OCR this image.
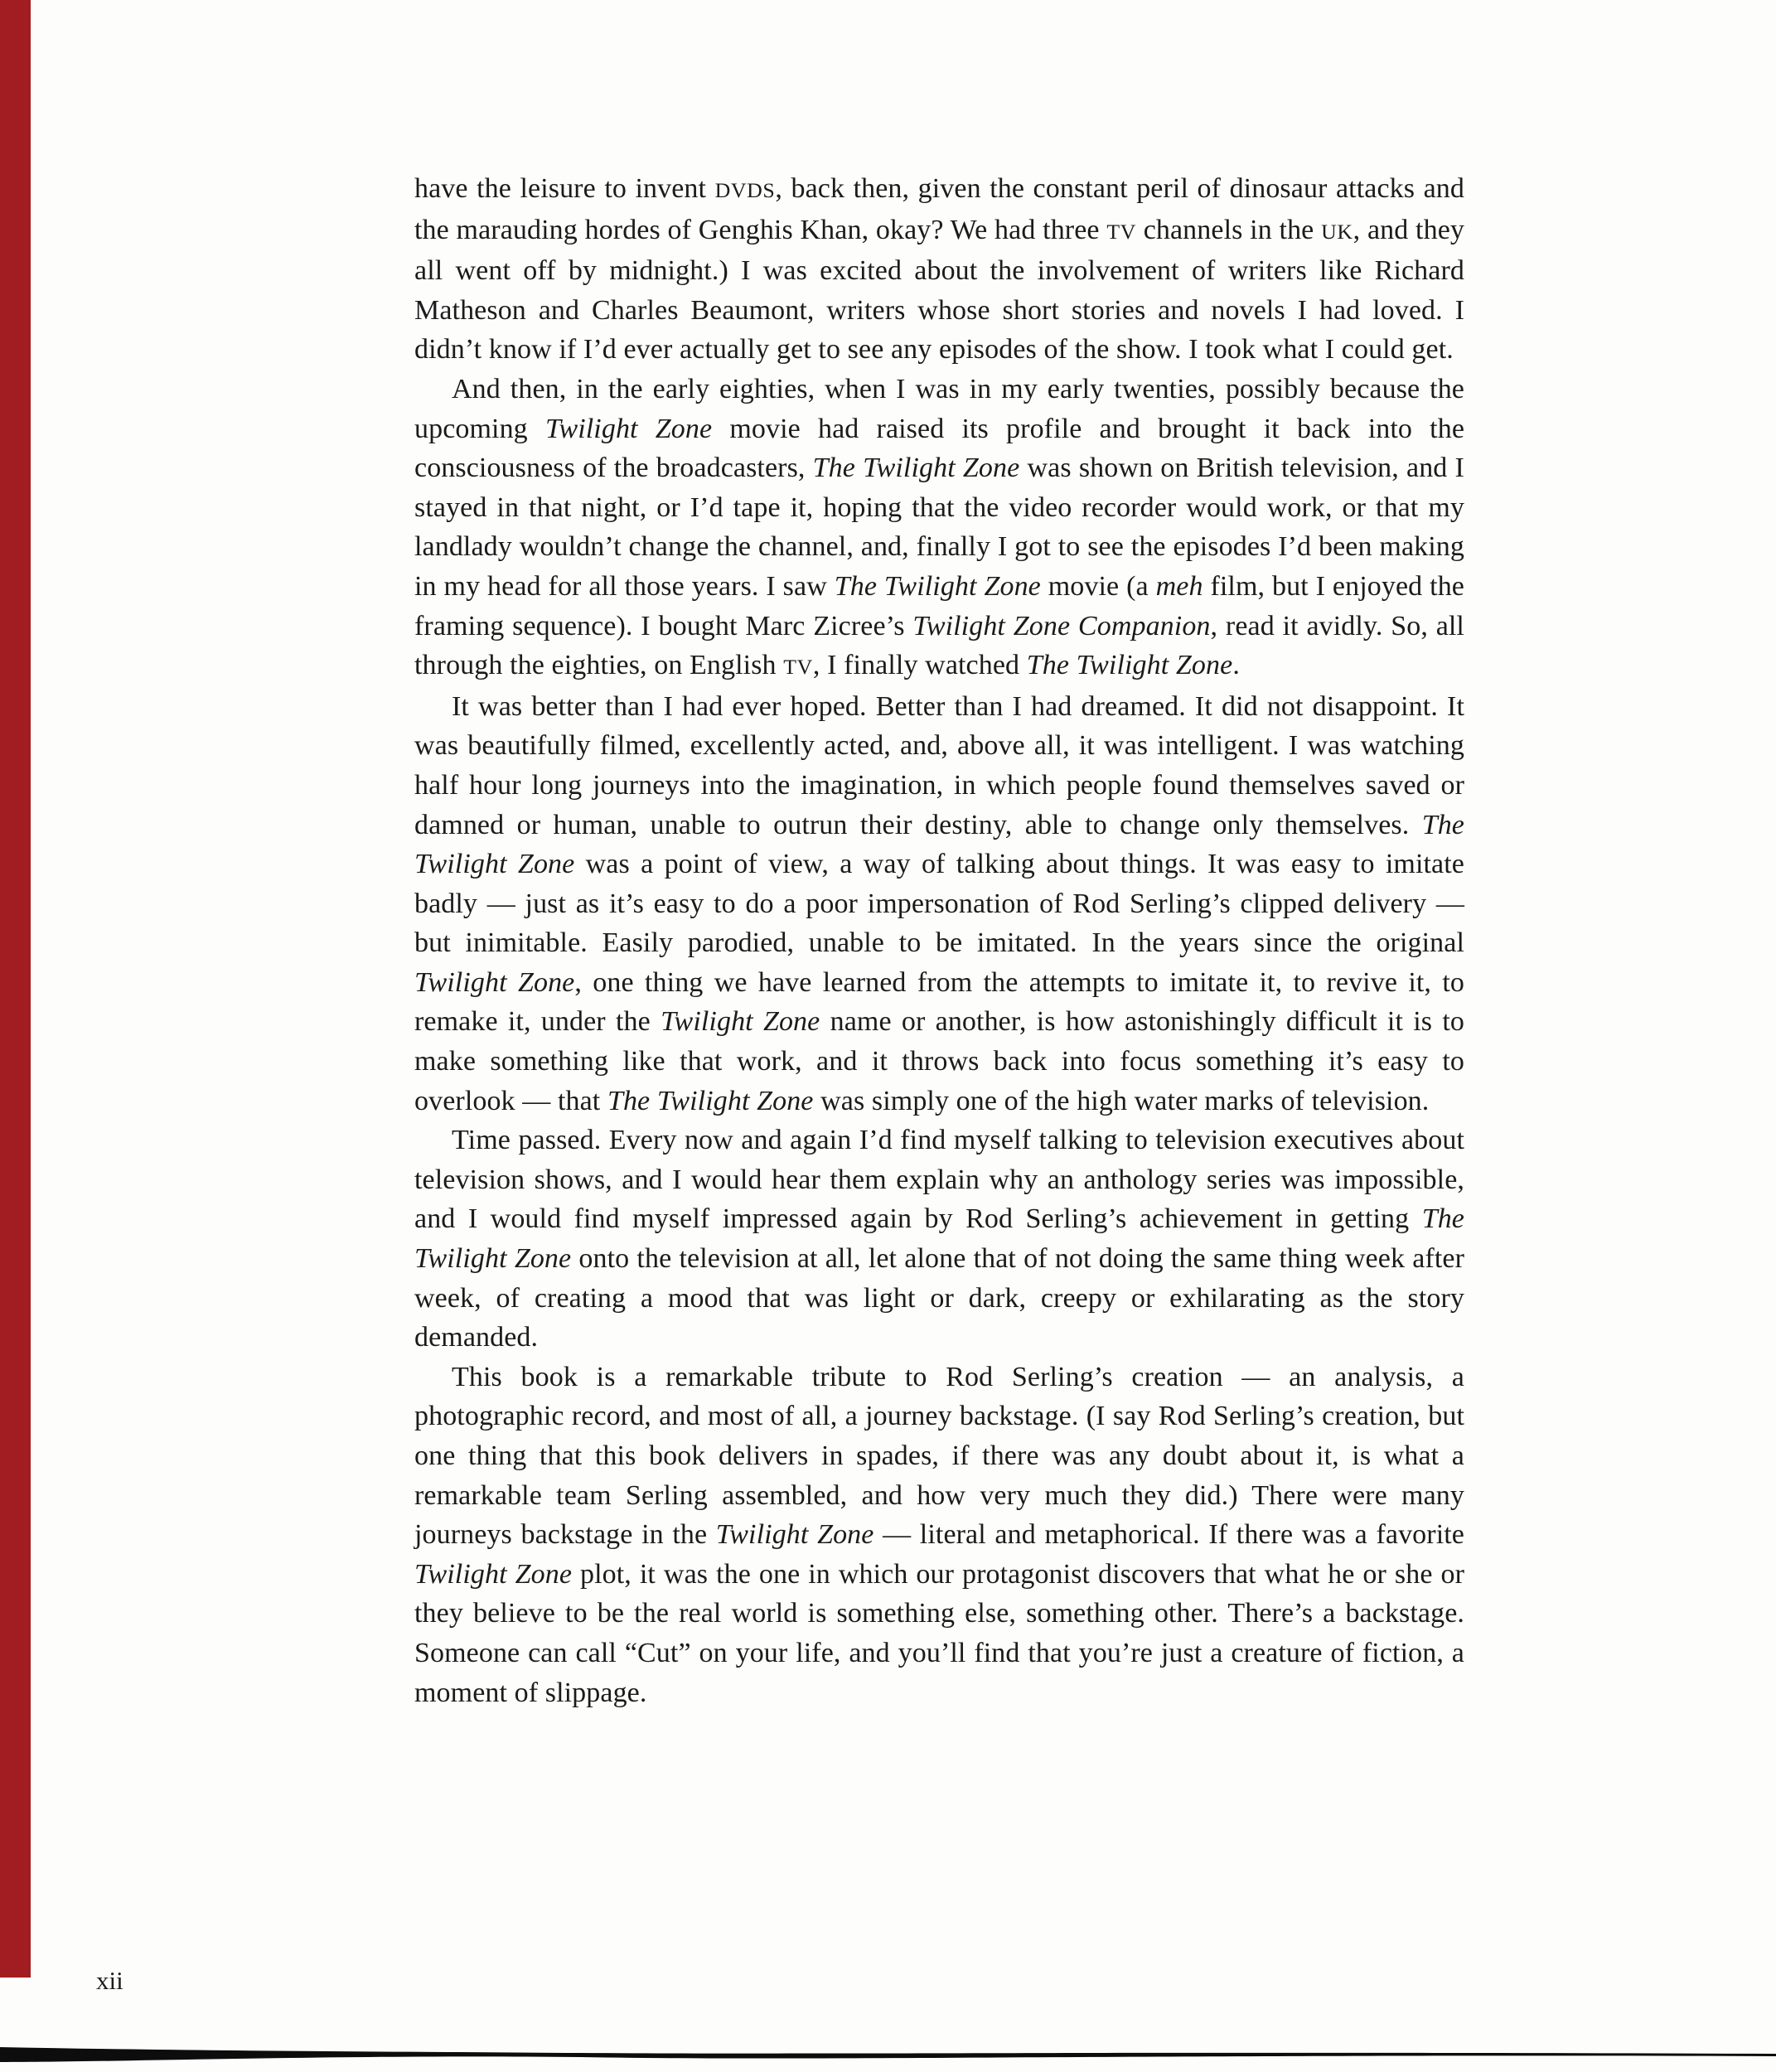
have the leisure to invent DVDS, back then, given the constant peril of dinosaur attacks and the marauding hordes of Genghis Khan, okay? We had three TV channels in the UK, and they all went off by midnight.) I was excited about the involvement of writers like Richard Matheson and Charles Beaumont, writers whose short stories and novels I had loved. I didn’t know if I’d ever actually get to see any episodes of the show. I took what I could get.

And then, in the early eighties, when I was in my early twenties, possibly because the upcoming Twilight Zone movie had raised its profile and brought it back into the consciousness of the broadcasters, The Twilight Zone was shown on British television, and I stayed in that night, or I’d tape it, hoping that the video recorder would work, or that my landlady wouldn’t change the channel, and, finally I got to see the episodes I’d been making in my head for all those years. I saw The Twilight Zone movie (a meh film, but I enjoyed the framing sequence). I bought Marc Zicree’s Twilight Zone Companion, read it avidly. So, all through the eighties, on English TV, I finally watched The Twilight Zone.

It was better than I had ever hoped. Better than I had dreamed. It did not disappoint. It was beautifully filmed, excellently acted, and, above all, it was intelligent. I was watching half hour long journeys into the imagination, in which people found themselves saved or damned or human, unable to outrun their destiny, able to change only themselves. The Twilight Zone was a point of view, a way of talking about things. It was easy to imitate badly — just as it’s easy to do a poor impersonation of Rod Serling’s clipped delivery — but inimitable. Easily parodied, unable to be imitated. In the years since the original Twilight Zone, one thing we have learned from the attempts to imitate it, to revive it, to remake it, under the Twilight Zone name or another, is how astonishingly difficult it is to make something like that work, and it throws back into focus something it’s easy to overlook — that The Twilight Zone was simply one of the high water marks of television.

Time passed. Every now and again I’d find myself talking to television executives about television shows, and I would hear them explain why an anthology series was impossible, and I would find myself impressed again by Rod Serling’s achievement in getting The Twilight Zone onto the television at all, let alone that of not doing the same thing week after week, of creating a mood that was light or dark, creepy or exhilarating as the story demanded.

This book is a remarkable tribute to Rod Serling’s creation — an analysis, a photographic record, and most of all, a journey backstage. (I say Rod Serling’s creation, but one thing that this book delivers in spades, if there was any doubt about it, is what a remarkable team Serling assembled, and how very much they did.) There were many journeys backstage in the Twilight Zone — literal and metaphorical. If there was a favorite Twilight Zone plot, it was the one in which our protagonist discovers that what he or she or they believe to be the real world is something else, something other. There’s a backstage. Someone can call “Cut” on your life, and you’ll find that you’re just a creature of fiction, a moment of slippage.

xii
